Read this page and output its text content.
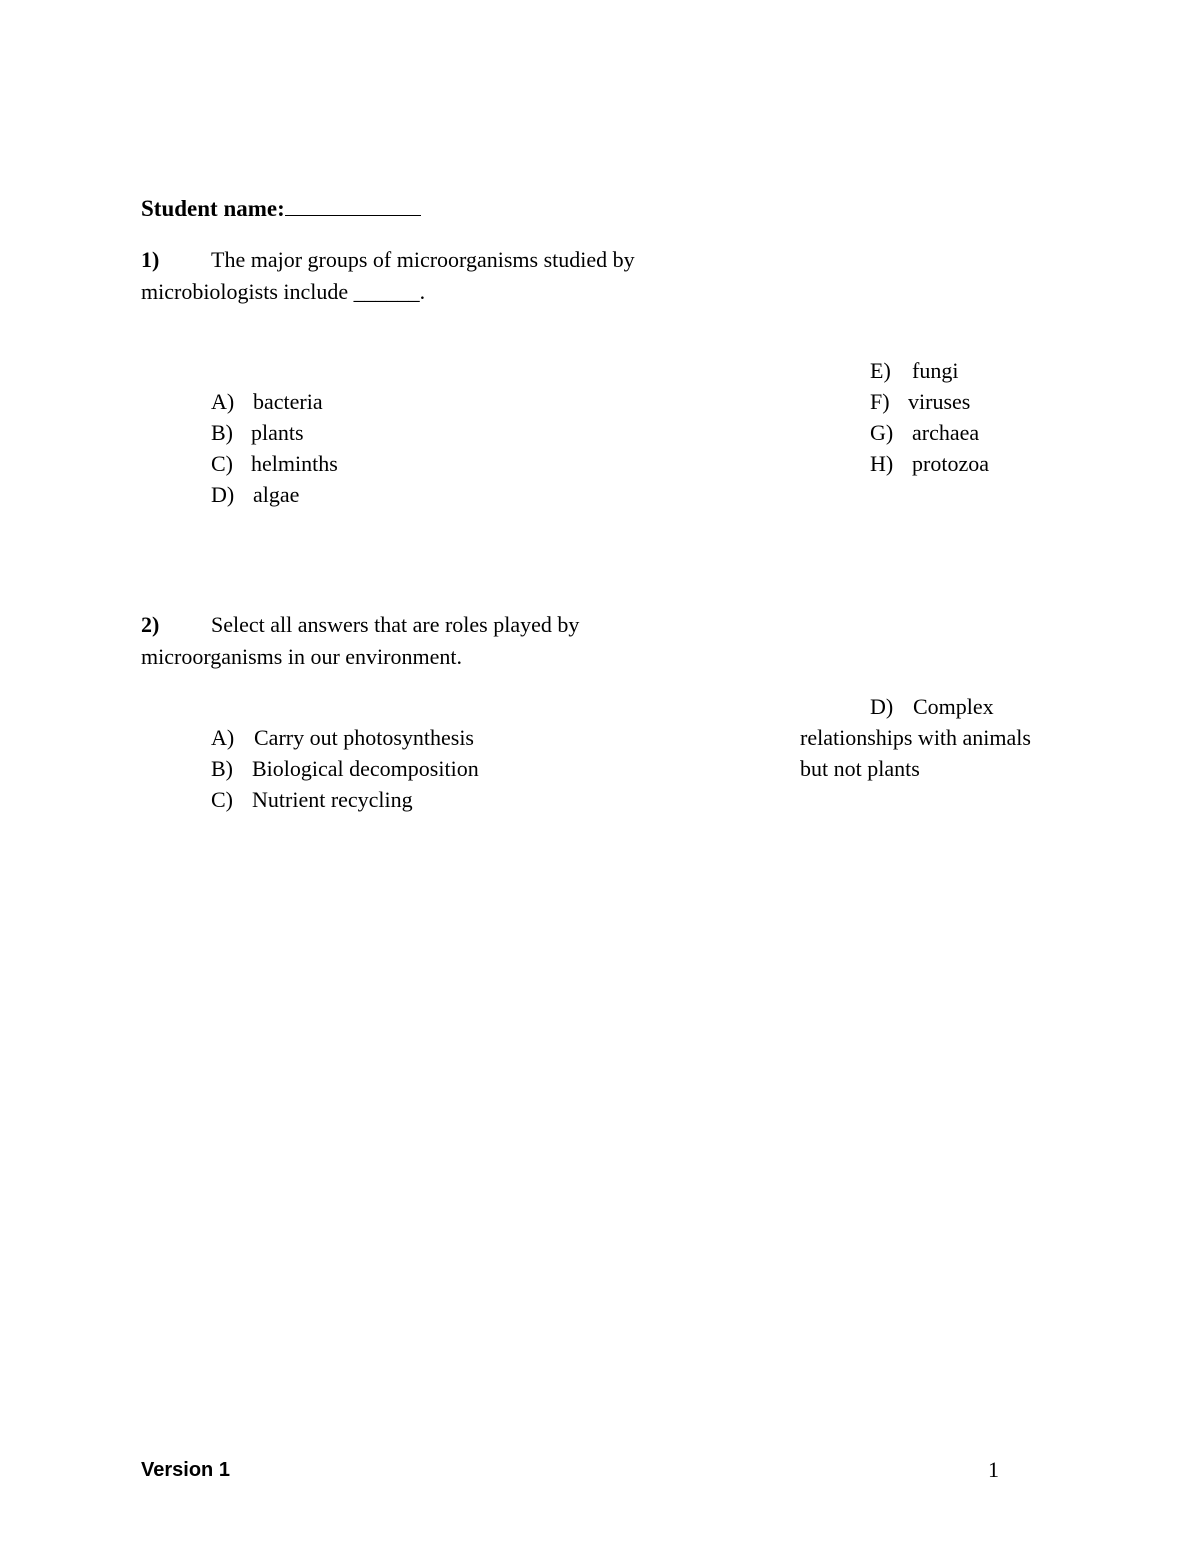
Student name:
1) The major groups of microorganisms studied by
microbiologists include ______.
E) fungi
F) viruses
G) archaea
H) protozoa
A) bacteria
B) plants
C) helminths
D) algae
2) Select all answers that are roles played by
microorganisms in our environment.
D) Complex
relationships with animals
but not plants
A) Carry out photosynthesis
B) Biological decomposition
C) Nutrient recycling
Version 1	1
